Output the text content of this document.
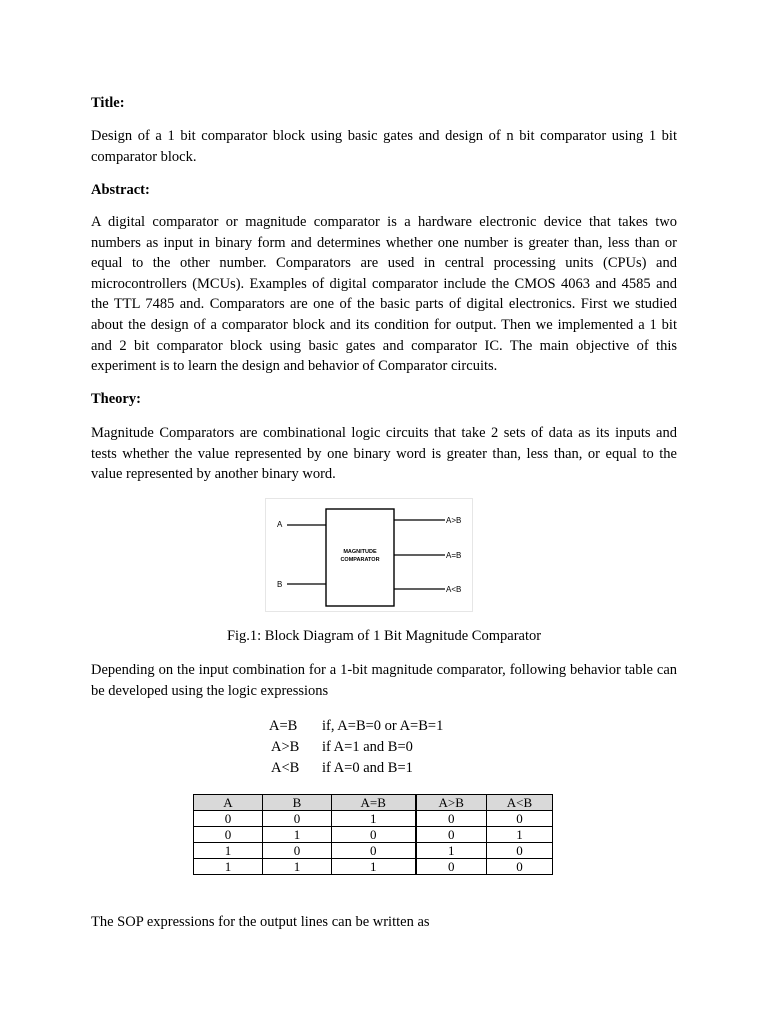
Title:
Design of a 1 bit comparator block using basic gates and design of n bit comparator using 1 bit comparator block.
Abstract:
A digital comparator or magnitude comparator is a hardware electronic device that takes two numbers as input in binary form and determines whether one number is greater than, less than or equal to the other number. Comparators are used in central processing units (CPUs) and microcontrollers (MCUs). Examples of digital comparator include the CMOS 4063 and 4585 and the TTL 7485 and. Comparators are one of the basic parts of digital electronics. First we studied about the design of a comparator block and its condition for output. Then we implemented a 1 bit and 2 bit comparator block using basic gates and comparator IC. The main objective of this experiment is to learn the design and behavior of Comparator circuits.
Theory:
Magnitude Comparators are combinational logic circuits that take 2 sets of data as its inputs and tests whether the value represented by one binary word is greater than, less than, or equal to the value represented by another binary word.
A
B
MAGNITUDE
COMPARATOR
A>B
A=B
A<B
Fig.1: Block Diagram of 1 Bit Magnitude Comparator
Depending on the input combination for a 1-bit magnitude comparator, following behavior table can be developed using the logic expressions
A=B if, A=B=0 or A=B=1
A>B if A=1 and B=0
A<B if A=0 and B=1
A	B	A=B	A>B	A<B
0	0	1	0	0
0	1	0	0	1
1	0	0	1	0
1	1	1	0	0
The SOP expressions for the output lines can be written as
